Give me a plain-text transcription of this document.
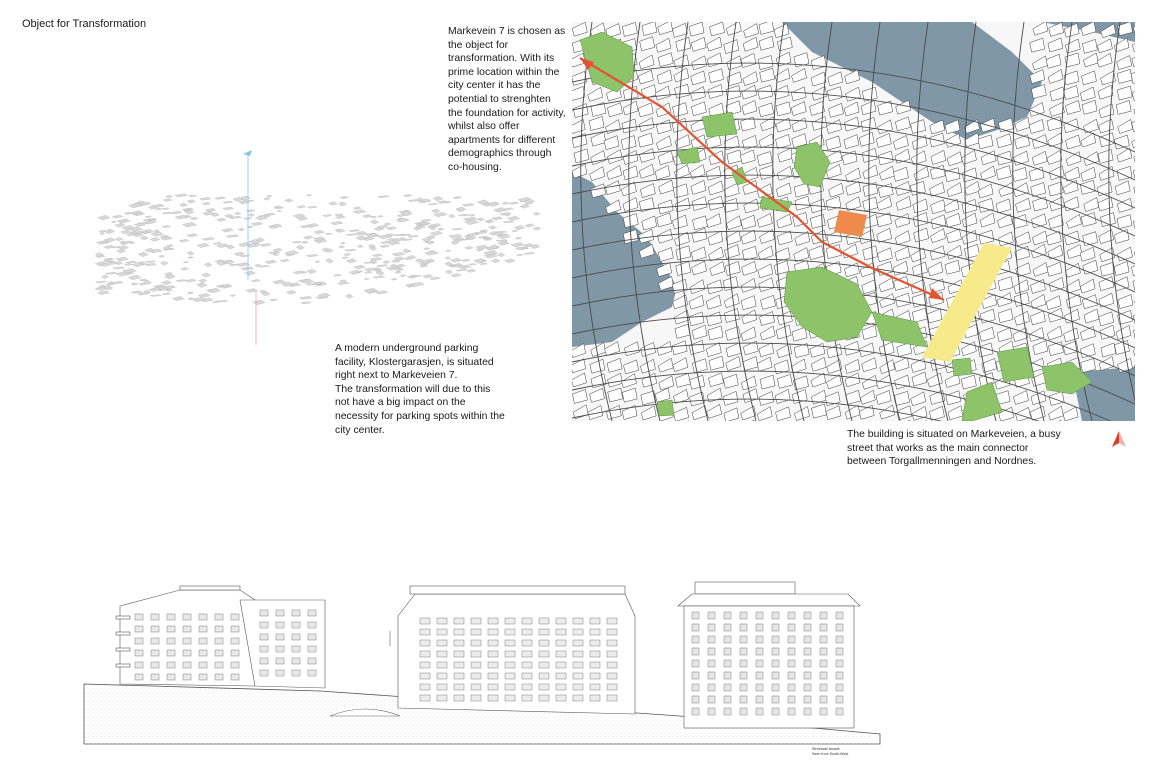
Object for Transformation
Markevein 7 is chosen as the object for transformation. With its prime location within the city center it has the potential to strenghten the foundation for activity, whilst also offer apartments for different demographics through co-housing.
A modern underground parking facility, Klostergarasjen, is situated right next to Markeveien 7.
The transformation will due to this not have a big impact on the necessity for parking spots within the city center.	The building is situated on Markeveien, a busy street that works as the main connector between Torgallmenningen and Nordnes.
Streetwall facade
Seen from South-West
